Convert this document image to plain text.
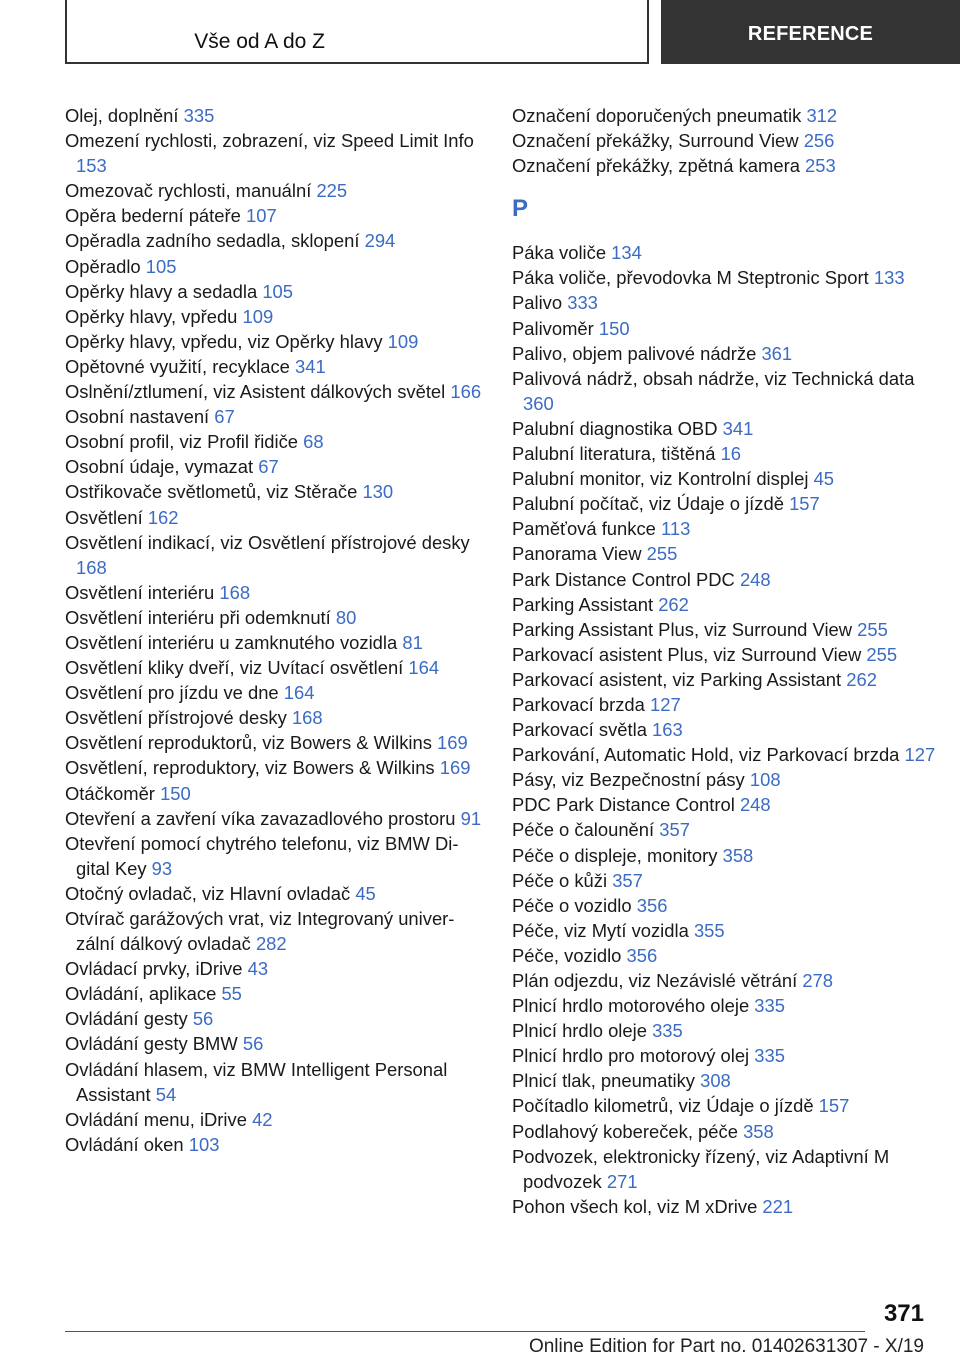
Vše od A do Z	REFERENCE
Olej, doplnění 335
Omezení rychlosti, zobrazení, viz Speed Limit Info 153
Omezovač rychlosti, manuální 225
Opěra bederní páteře 107
Opěradla zadního sedadla, sklopení 294
Opěradlo 105
Opěrky hlavy a sedadla 105
Opěrky hlavy, vpředu 109
Opěrky hlavy, vpředu, viz Opěrky hlavy 109
Opětovné využití, recyklace 341
Oslnění/ztlumení, viz Asistent dálkových světel 166
Osobní nastavení 67
Osobní profil, viz Profil řidiče 68
Osobní údaje, vymazat 67
Ostřikovače světlometů, viz Stěrače 130
Osvětlení 162
Osvětlení indikací, viz Osvětlení přístrojové desky 168
Osvětlení interiéru 168
Osvětlení interiéru při odemknutí 80
Osvětlení interiéru u zamknutého vozidla 81
Osvětlení kliky dveří, viz Uvítací osvětlení 164
Osvětlení pro jízdu ve dne 164
Osvětlení přístrojové desky 168
Osvětlení reproduktorů, viz Bowers & Wilkins 169
Osvětlení, reproduktory, viz Bowers & Wilkins 169
Otáčkoměr 150
Otevření a zavření víka zavazadlového prostoru 91
Otevření pomocí chytrého telefonu, viz BMW Digital Key 93
Otočný ovladač, viz Hlavní ovladač 45
Otvírač garážových vrat, viz Integrovaný univerzální dálkový ovladač 282
Ovládací prvky, iDrive 43
Ovládání, aplikace 55
Ovládání gesty 56
Ovládání gesty BMW 56
Ovládání hlasem, viz BMW Intelligent Personal Assistant 54
Ovládání menu, iDrive 42
Ovládání oken 103
Označení doporučených pneumatik 312
Označení překážky, Surround View 256
Označení překážky, zpětná kamera 253
P
Páka voliče 134
Páka voliče, převodovka M Steptronic Sport 133
Palivo 333
Palivoměr 150
Palivo, objem palivové nádrže 361
Palivová nádrž, obsah nádrže, viz Technická data 360
Palubní diagnostika OBD 341
Palubní literatura, tištěná 16
Palubní monitor, viz Kontrolní displej 45
Palubní počítač, viz Údaje o jízdě 157
Paměťová funkce 113
Panorama View 255
Park Distance Control PDC 248
Parking Assistant 262
Parking Assistant Plus, viz Surround View 255
Parkovací asistent Plus, viz Surround View 255
Parkovací asistent, viz Parking Assistant 262
Parkovací brzda 127
Parkovací světla 163
Parkování, Automatic Hold, viz Parkovací brzda 127
Pásy, viz Bezpečnostní pásy 108
PDC Park Distance Control 248
Péče o čalounění 357
Péče o displeje, monitory 358
Péče o kůži 357
Péče o vozidlo 356
Péče, viz Mytí vozidla 355
Péče, vozidlo 356
Plán odjezdu, viz Nezávislé větrání 278
Plnicí hrdlo motorového oleje 335
Plnicí hrdlo oleje 335
Plnicí hrdlo pro motorový olej 335
Plnicí tlak, pneumatiky 308
Počítadlo kilometrů, viz Údaje o jízdě 157
Podlahový kobereček, péče 358
Podvozek, elektronicky řízený, viz Adaptivní M podvozek 271
Pohon všech kol, viz M xDrive 221
371
Online Edition for Part no. 01402631307 - X/19
